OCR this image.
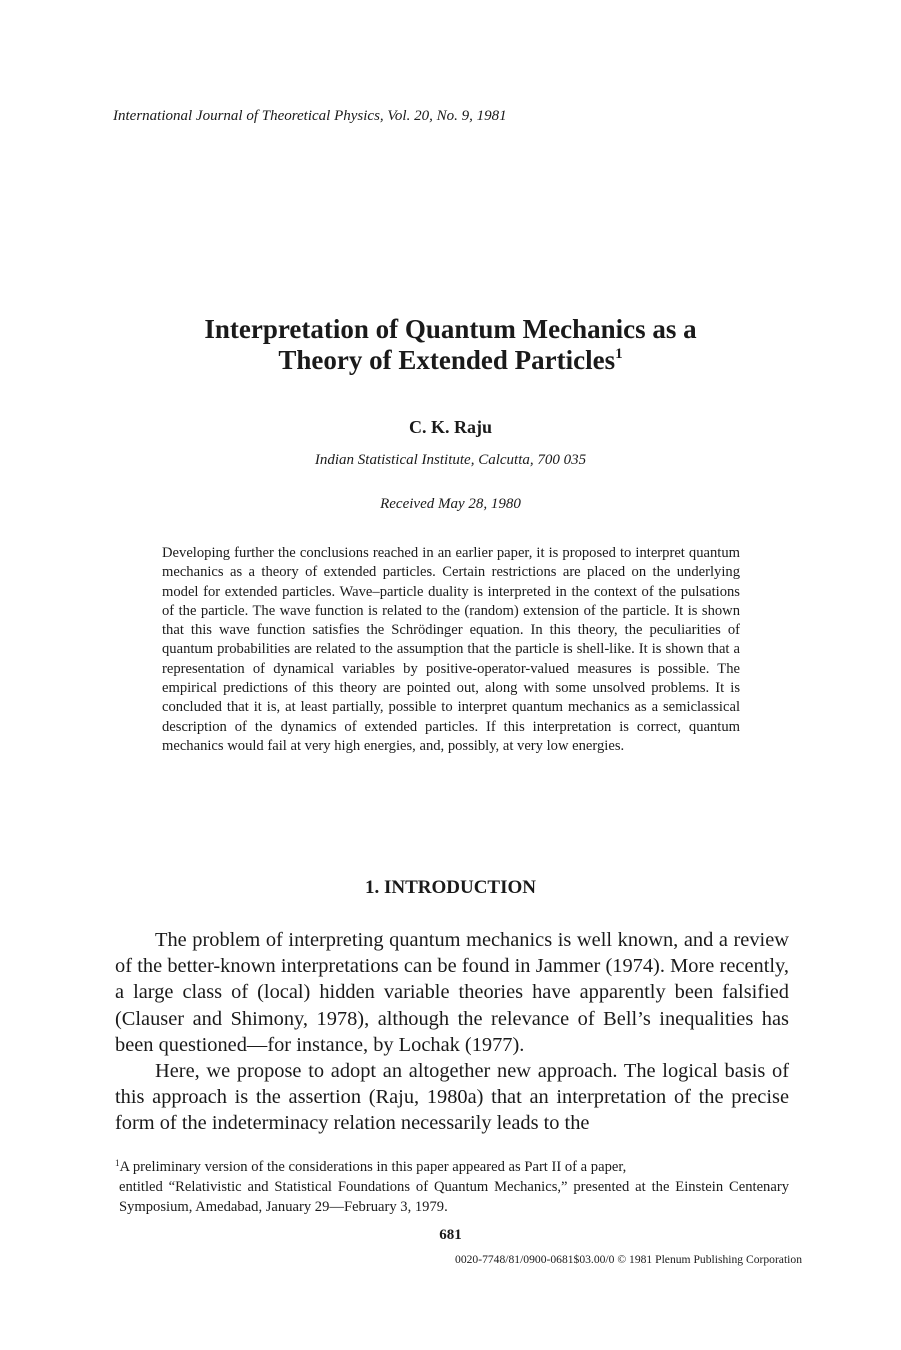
International Journal of Theoretical Physics, Vol. 20, No. 9, 1981
Interpretation of Quantum Mechanics as a
Theory of Extended Particles$^1$
C. K. Raju
Indian Statistical Institute, Calcutta, 700 035
Received May 28, 1980
Developing further the conclusions reached in an earlier paper, it is proposed to interpret quantum mechanics as a theory of extended particles. Certain restrictions are placed on the underlying model for extended particles. Wave–particle duality is interpreted in the context of the pulsations of the particle. The wave function is related to the (random) extension of the particle. It is shown that this wave function satisfies the Schrödinger equation. In this theory, the peculiarities of quantum probabilities are related to the assumption that the particle is shell-like. It is shown that a representation of dynamical variables by positive-operator-valued measures is possible. The empirical predictions of this theory are pointed out, along with some unsolved problems. It is concluded that it is, at least partially, possible to interpret quantum mechanics as a semiclassical description of the dynamics of extended particles. If this interpretation is correct, quantum mechanics would fail at very high energies, and, possibly, at very low energies.
1. INTRODUCTION

The problem of interpreting quantum mechanics is well known, and a review of the better-known interpretations can be found in Jammer (1974). More recently, a large class of (local) hidden variable theories have apparently been falsified (Clauser and Shimony, 1978), although the relevance of Bell’s inequalities has been questioned—for instance, by Lochak (1977).

Here, we propose to adopt an altogether new approach. The logical basis of this approach is the assertion (Raju, 1980a) that an interpretation of the precise form of the indeterminacy relation necessarily leads to the

$^1$A preliminary version of the considerations in this paper appeared as Part II of a paper,
entitled “Relativistic and Statistical Foundations of Quantum Mechanics,” presented at the Einstein Centenary Symposium, Amedabad, January 29—February 3, 1979.
681
0020-7748/81/0900-0681$03.00/0 © 1981 Plenum Publishing Corporation
